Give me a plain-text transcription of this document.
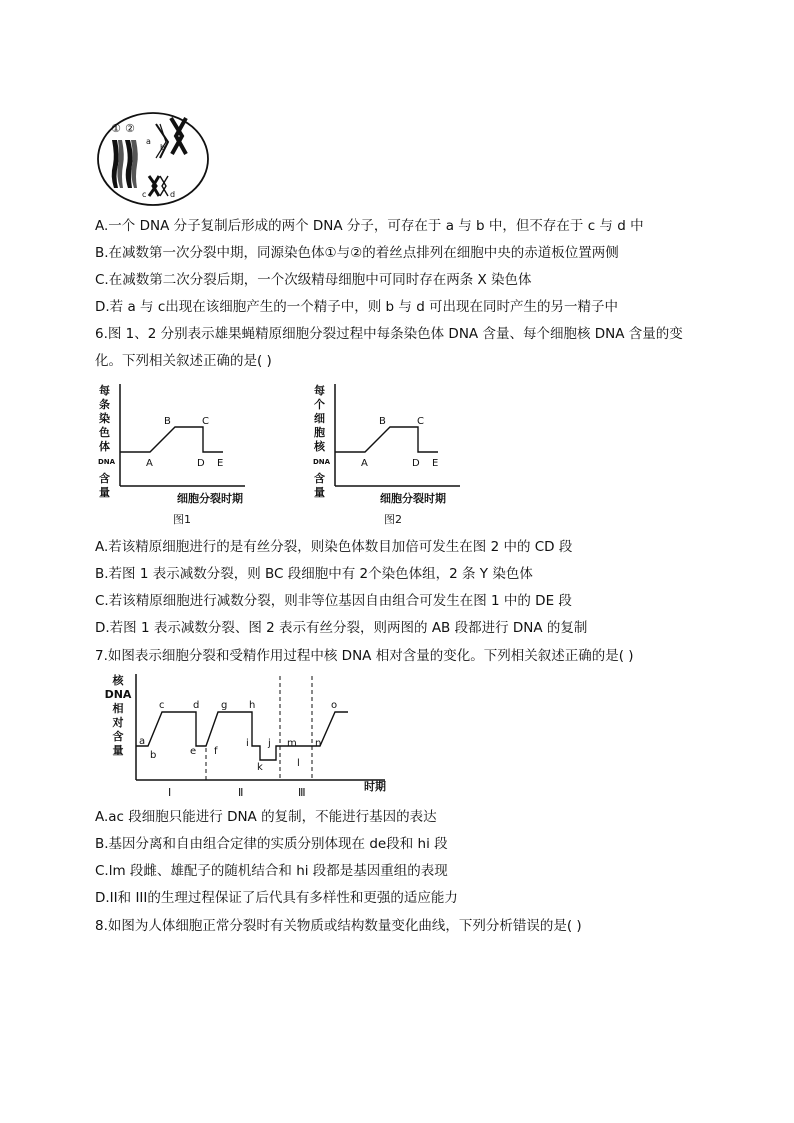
① ②
a
b
c	d
A.一个 DNA 分子复制后形成的两个 DNA 分子，可存在于 a 与 b 中，但不存在于 c 与 d 中
B.在减数第一次分裂中期，同源染色体①与②的着丝点排列在细胞中央的赤道板位置两侧
C.在减数第二次分裂后期，一个次级精母细胞中可同时存在两条 X 染色体
D.若 a 与 c出现在该细胞产生的一个精子中，则 b 与 d 可出现在同时产生的另一精子中
6.图 1、2 分别表示雄果蝇精原细胞分裂过程中每条染色体 DNA 含量、每个细胞核 DNA 含量的变
化。下列相关叙述正确的是( )
每
条
染
色
体
DNA
含
量
A
B	C
D E
细胞分裂时期
图1
每
个
细
胞
核
DNA
含
量
A
B	C
D E
细胞分裂时期
图2
A.若该精原细胞进行的是有丝分裂，则染色体数目加倍可发生在图 2 中的 CD 段
B.若图 1 表示减数分裂，则 BC 段细胞中有 2个染色体组，2 条 Y 染色体
C.若该精原细胞进行减数分裂，则非等位基因自由组合可发生在图 1 中的 DE 段
D.若图 1 表示减数分裂、图 2 表示有丝分裂，则两图的 AB 段都进行 DNA 的复制
7.如图表示细胞分裂和受精作用过程中核 DNA 相对含量的变化。下列相关叙述正确的是( )
核
DNA
相
对
含
量
a
b
c	d
e f
g h
i j
k	l
m n
o
Ⅰ	Ⅱ	Ⅲ	时期
A.ac 段细胞只能进行 DNA 的复制，不能进行基因的表达
B.基因分离和自由组合定律的实质分别体现在 de段和 hi 段
C.lm 段雌、雄配子的随机结合和 hi 段都是基因重组的表现
D.II和 III的生理过程保证了后代具有多样性和更强的适应能力
8.如图为人体细胞正常分裂时有关物质或结构数量变化曲线，下列分析错误的是( )
